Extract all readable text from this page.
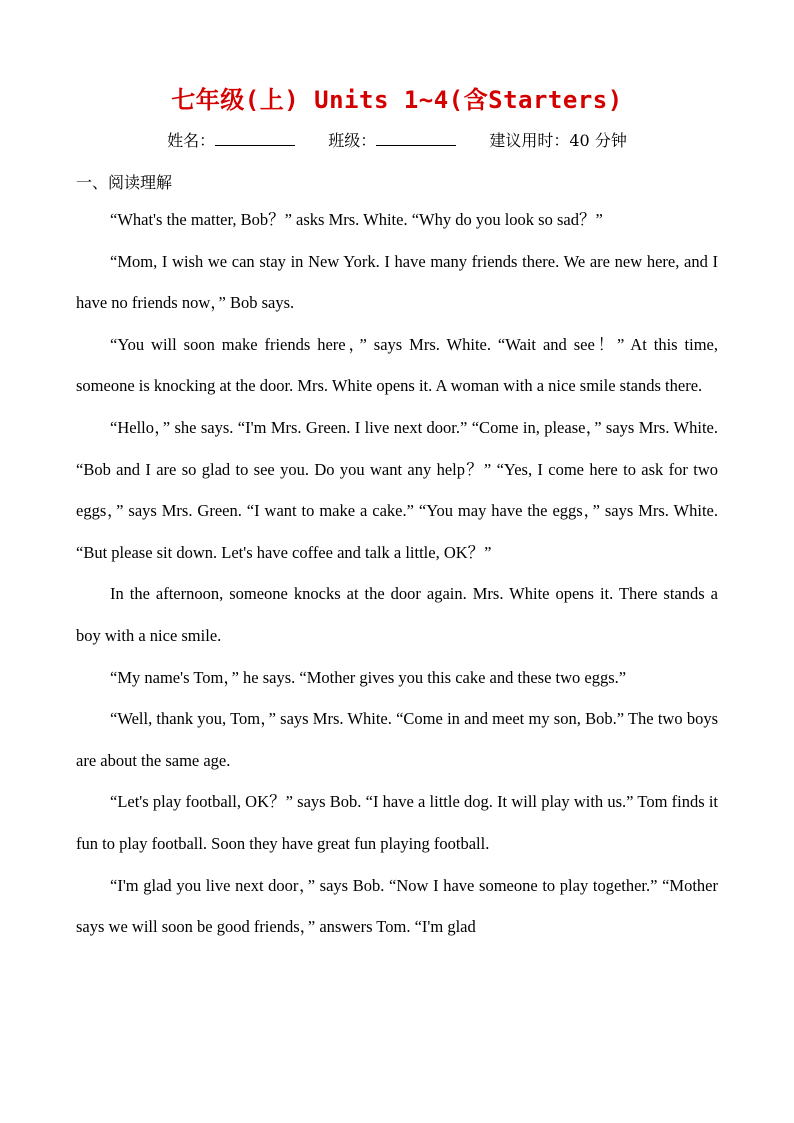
七年级(上) Units 1~4(含Starters)
姓名：	班级：	建议用时：40 分钟
一、阅读理解

“What's the matter, Bob？” asks Mrs. White. “Why do you look so sad？”

“Mom, I wish we can stay in New York. I have many friends there. We are new here, and I have no friends now，” Bob says.

“You will soon make friends here，” says Mrs. White. “Wait and see！” At this time, someone is knocking at the door. Mrs. White opens it. A woman with a nice smile stands there.

“Hello，” she says. “I'm Mrs. Green. I live next door.” “Come in, please，” says Mrs. White. “Bob and I are so glad to see you. Do you want any help？” “Yes, I come here to ask for two eggs，” says Mrs. Green. “I want to make a cake.” “You may have the eggs，” says Mrs. White. “But please sit down. Let's have coffee and talk a little, OK？”

In the afternoon, someone knocks at the door again. Mrs. White opens it. There stands a boy with a nice smile.

“My name's Tom，” he says. “Mother gives you this cake and these two eggs.”

“Well, thank you, Tom，” says Mrs. White. “Come in and meet my son, Bob.” The two boys are about the same age.

“Let's play football, OK？” says Bob. “I have a little dog. It will play with us.” Tom finds it fun to play football. Soon they have great fun playing football.

“I'm glad you live next door，” says Bob. “Now I have someone to play together.” “Mother says we will soon be good friends，” answers Tom. “I'm glad
